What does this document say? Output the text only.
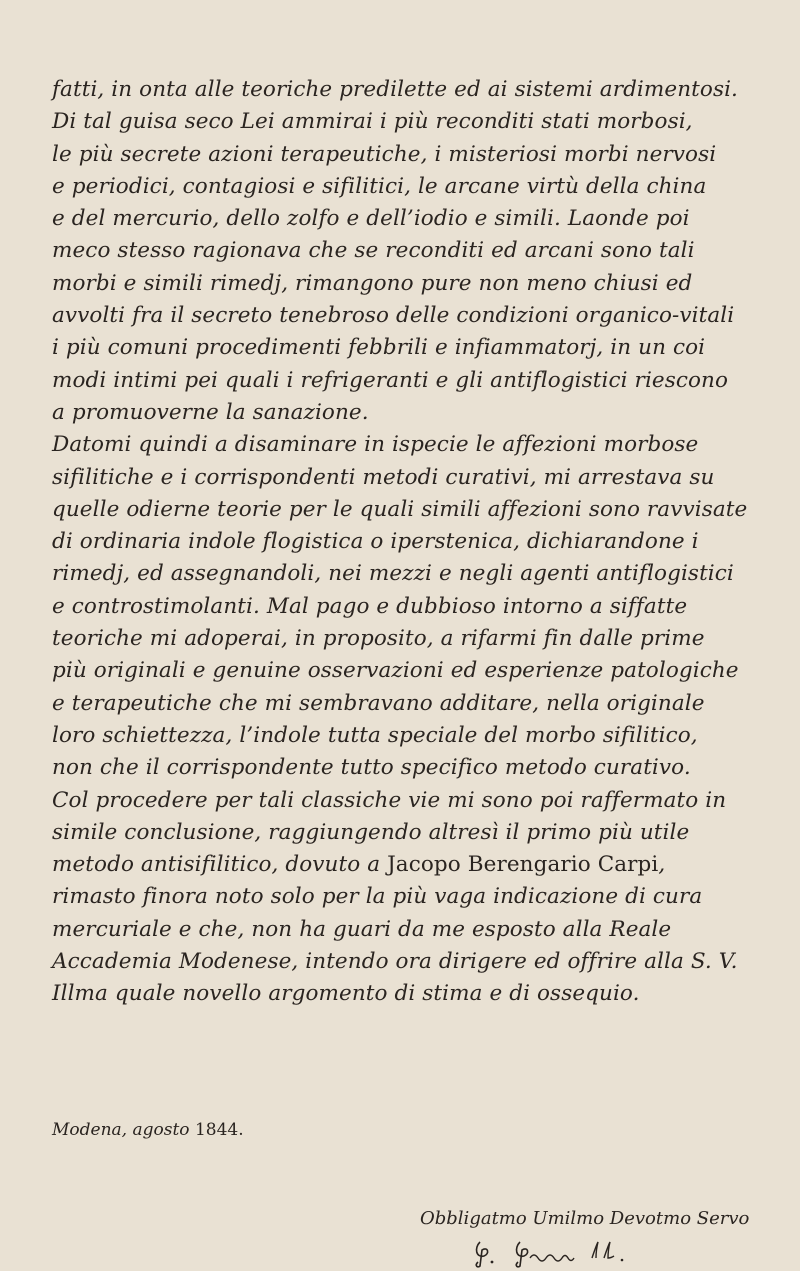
fatti, in onta alle teoriche predilette ed ai sistemi ardimentosi.
Di tal guisa seco Lei ammirai i più reconditi stati morbosi,
le più secrete azioni terapeutiche, i misteriosi morbi nervosi
e periodici, contagiosi e sifilitici, le arcane virtù della china
e del mercurio, dello zolfo e dell’iodio e simili. Laonde poi
meco stesso ragionava che se reconditi ed arcani sono tali
morbi e simili rimedj, rimangono pure non meno chiusi ed
avvolti fra il secreto tenebroso delle condizioni organico-vitali
i più comuni procedimenti febbrili e infiammatorj, in un coi
modi intimi pei quali i refrigeranti e gli antiflogistici riescono
a promuoverne la sanazione.
Datomi quindi a disaminare in ispecie le affezioni morbose
sifilitiche e i corrispondenti metodi curativi, mi arrestava su
quelle odierne teorie per le quali simili affezioni sono ravvisate
di ordinaria indole flogistica o iperstenica, dichiarandone i
rimedj, ed assegnandoli, nei mezzi e negli agenti antiflogistici
e controstimolanti. Mal pago e dubbioso intorno a siffatte
teoriche mi adoperai, in proposito, a rifarmi fin dalle prime
più originali e genuine osservazioni ed esperienze patologiche
e terapeutiche che mi sembravano additare, nella originale
loro schiettezza, l’indole tutta speciale del morbo sifilitico,
non che il corrispondente tutto specifico metodo curativo.
Col procedere per tali classiche vie mi sono poi raffermato in
simile conclusione, raggiungendo altresì il primo più utile
metodo antisifilitico, dovuto a Jacopo Berengario Carpi,
rimasto finora noto solo per la più vaga indicazione di cura
mercuriale e che, non ha guari da me esposto alla Reale
Accademia Modenese, intendo ora dirigere ed offrire alla S. V.
Illma quale novello argomento di stima e di ossequio.
Modena, agosto 1844.
Obbligatmo Umilmo Devotmo Servo
